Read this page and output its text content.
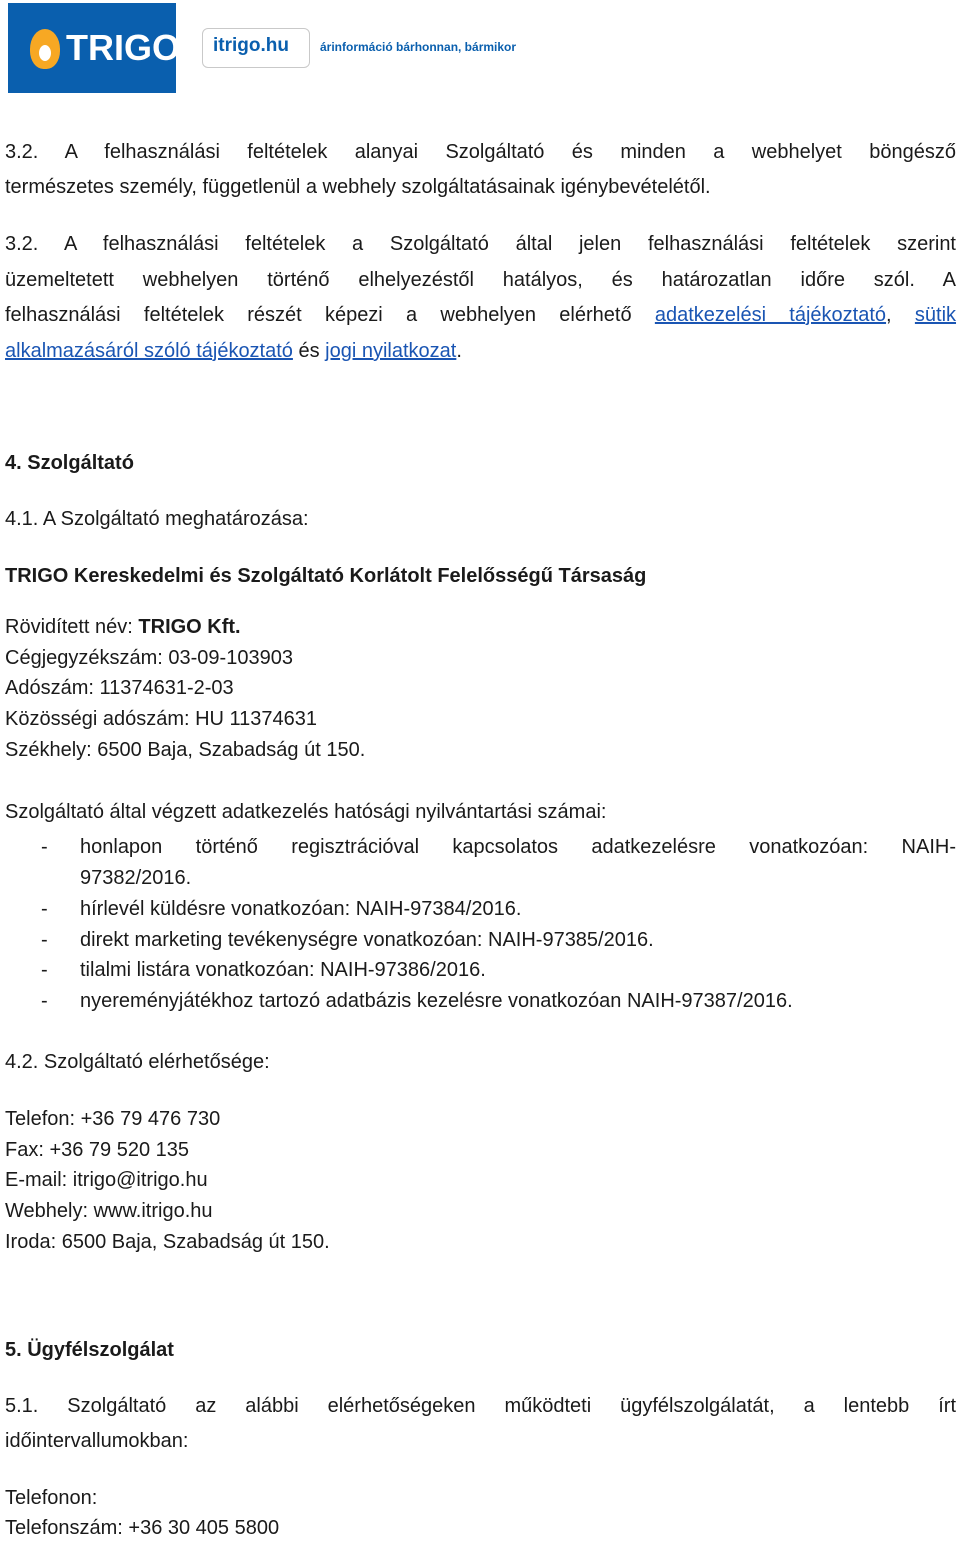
TRIGO itrigo.hu	árinformáció bárhonnan, bármikor
3.2. A felhasználási feltételek alanyai Szolgáltató és minden a webhelyet böngésző
természetes személy, függetlenül a webhely szolgáltatásainak igénybevételétől.
3.2. A felhasználási feltételek a Szolgáltató által jelen felhasználási feltételek szerint
üzemeltetett webhelyen történő elhelyezéstől hatályos, és határozatlan időre szól. A
felhasználási feltételek részét képezi a webhelyen elérhető adatkezelési tájékoztató, sütik
alkalmazásáról szóló tájékoztató és jogi nyilatkozat.
4. Szolgáltató
4.1. A Szolgáltató meghatározása:
TRIGO Kereskedelmi és Szolgáltató Korlátolt Felelősségű Társaság
Rövidített név: TRIGO Kft.
Cégjegyzékszám: 03-09-103903
Adószám: 11374631-2-03
Közösségi adószám: HU 11374631
Székhely: 6500 Baja, Szabadság út 150.
Szolgáltató által végzett adatkezelés hatósági nyilvántartási számai:
- honlapon történő regisztrációval kapcsolatos adatkezelésre vonatkozóan: NAIH-
97382/2016.
- hírlevél küldésre vonatkozóan: NAIH-97384/2016.
- direkt marketing tevékenységre vonatkozóan: NAIH-97385/2016.
- tilalmi listára vonatkozóan: NAIH-97386/2016.
- nyereményjátékhoz tartozó adatbázis kezelésre vonatkozóan NAIH-97387/2016.
4.2. Szolgáltató elérhetősége:
Telefon: +36 79 476 730
Fax: +36 79 520 135
E-mail: itrigo@itrigo.hu
Webhely: www.itrigo.hu
Iroda: 6500 Baja, Szabadság út 150.
5. Ügyfélszolgálat
5.1. Szolgáltató az alábbi elérhetőségeken működteti ügyfélszolgálatát, a lentebb írt
időintervallumokban:
Telefonon:
Telefonszám: +36 30 405 5800
